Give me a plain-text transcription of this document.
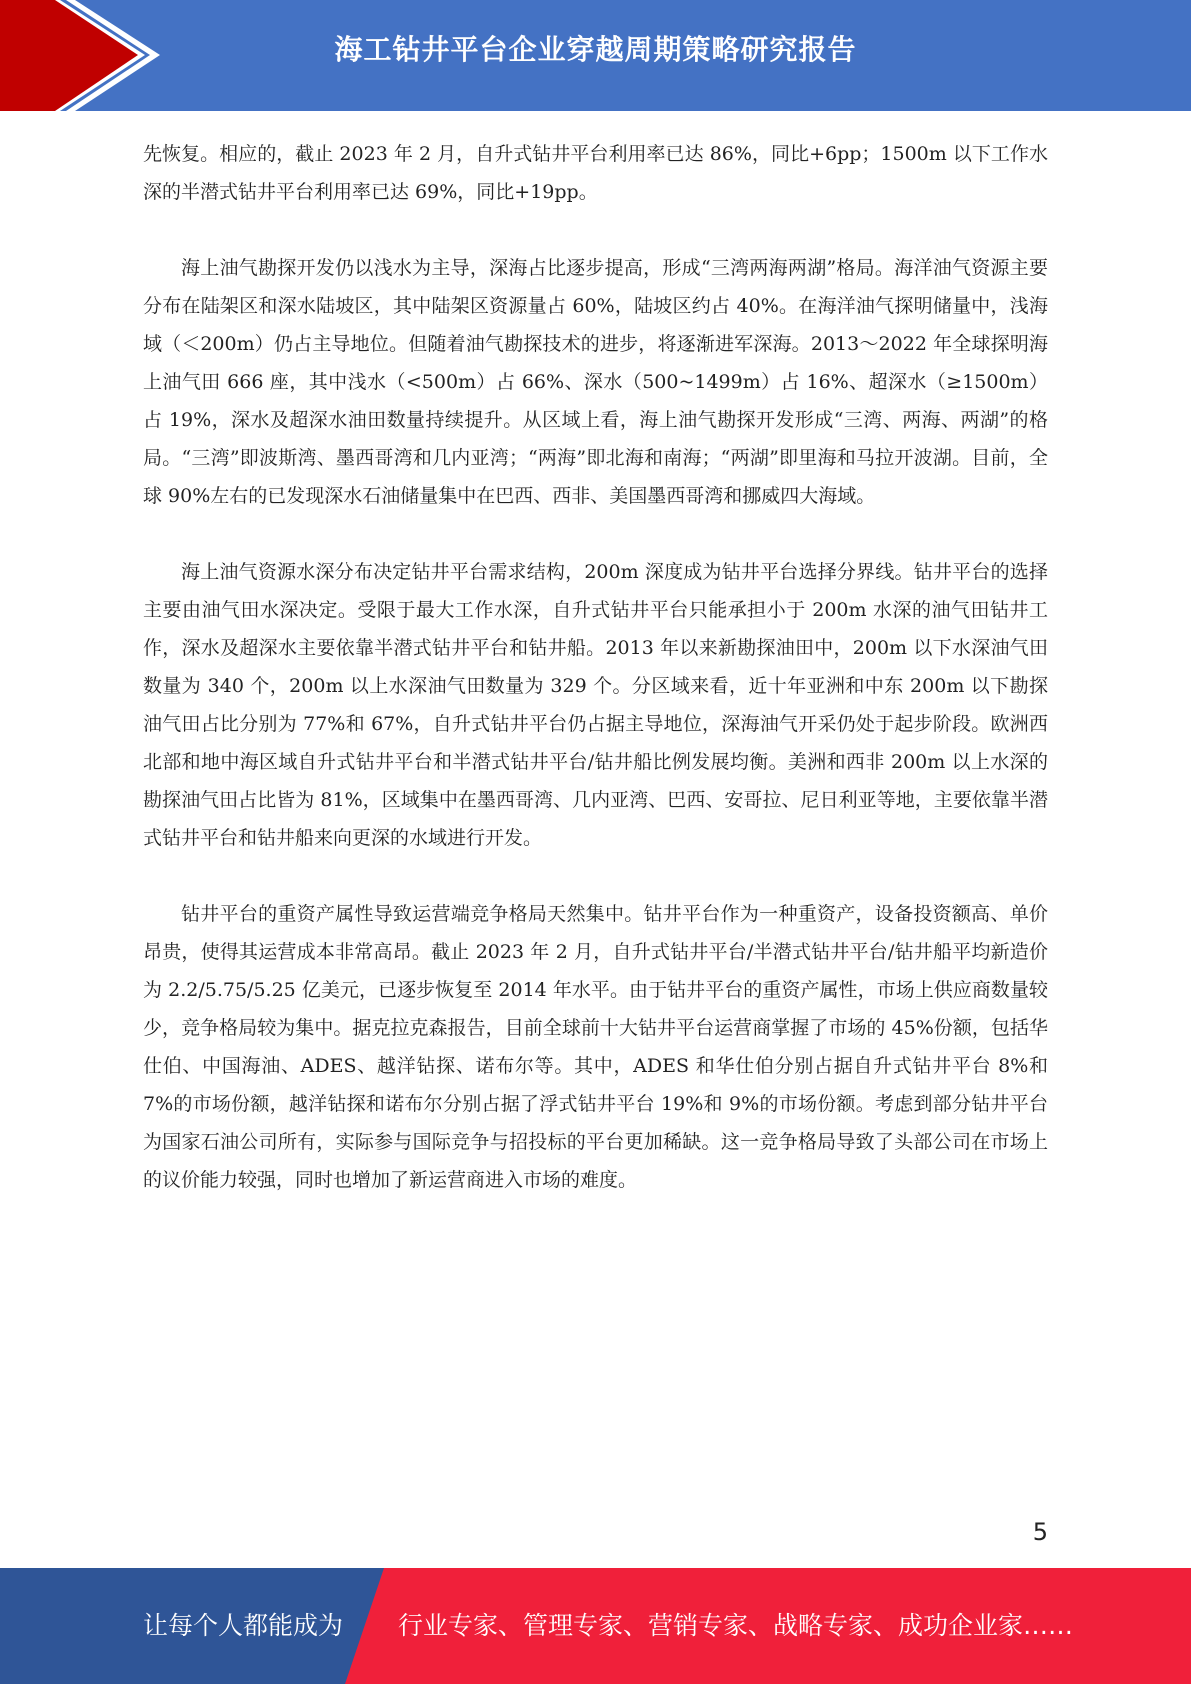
海工钻井平台企业穿越周期策略研究报告

先恢复。相应的，截止 2023 年 2 月，自升式钻井平台利用率已达 86%，同比+6pp；1500m 以下工作水深的半潜式钻井平台利用率已达 69%，同比+19pp。

海上油气勘探开发仍以浅水为主导，深海占比逐步提高，形成“三湾两海两湖”格局。海洋油气资源主要分布在陆架区和深水陆坡区，其中陆架区资源量占 60%，陆坡区约占 40%。在海洋油气探明储量中，浅海域（＜200m）仍占主导地位。但随着油气勘探技术的进步，将逐渐进军深海。2013～2022 年全球探明海上油气田 666 座，其中浅水（<500m）占 66%、深水（500~1499m）占 16%、超深水（≥1500m）占 19%，深水及超深水油田数量持续提升。从区域上看，海上油气勘探开发形成“三湾、两海、两湖”的格局。“三湾”即波斯湾、墨西哥湾和几内亚湾；“两海”即北海和南海；“两湖”即里海和马拉开波湖。目前，全球 90%左右的已发现深水石油储量集中在巴西、西非、美国墨西哥湾和挪威四大海域。

海上油气资源水深分布决定钻井平台需求结构，200m 深度成为钻井平台选择分界线。钻井平台的选择主要由油气田水深决定。受限于最大工作水深，自升式钻井平台只能承担小于 200m 水深的油气田钻井工作，深水及超深水主要依靠半潜式钻井平台和钻井船。2013 年以来新勘探油田中，200m 以下水深油气田数量为 340 个，200m 以上水深油气田数量为 329 个。分区域来看，近十年亚洲和中东 200m 以下勘探油气田占比分别为 77%和 67%，自升式钻井平台仍占据主导地位，深海油气开采仍处于起步阶段。欧洲西北部和地中海区域自升式钻井平台和半潜式钻井平台/钻井船比例发展均衡。美洲和西非 200m 以上水深的勘探油气田占比皆为 81%，区域集中在墨西哥湾、几内亚湾、巴西、安哥拉、尼日利亚等地，主要依靠半潜式钻井平台和钻井船来向更深的水域进行开发。

钻井平台的重资产属性导致运营端竞争格局天然集中。钻井平台作为一种重资产，设备投资额高、单价昂贵，使得其运营成本非常高昂。截止 2023 年 2 月，自升式钻井平台/半潜式钻井平台/钻井船平均新造价为 2.2/5.75/5.25 亿美元，已逐步恢复至 2014 年水平。由于钻井平台的重资产属性，市场上供应商数量较少，竞争格局较为集中。据克拉克森报告，目前全球前十大钻井平台运营商掌握了市场的 45%份额，包括华仕伯、中国海油、ADES、越洋钻探、诺布尔等。其中，ADES 和华仕伯分别占据自升式钻井平台 8%和 7%的市场份额，越洋钻探和诺布尔分别占据了浮式钻井平台 19%和 9%的市场份额。考虑到部分钻井平台为国家石油公司所有，实际参与国际竞争与招投标的平台更加稀缺。这一竞争格局导致了头部公司在市场上的议价能力较强，同时也增加了新运营商进入市场的难度。

5
让每个人都能成为 行业专家、管理专家、营销专家、战略专家、成功企业家……
